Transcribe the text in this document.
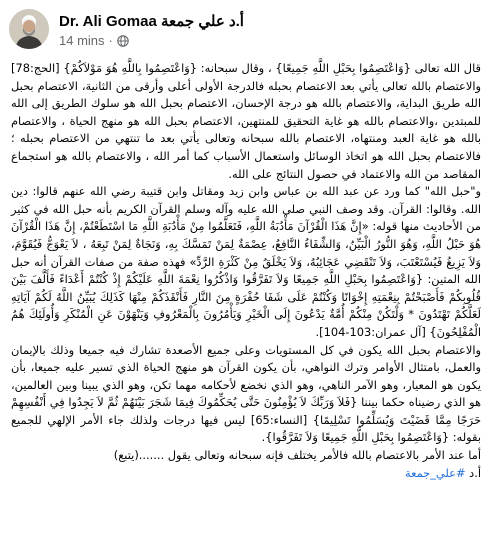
Dr. Ali Gomaa أ.د علي جمعة
14 mins ·

قال الله تعالى {وَاعْتَصِمُوا بِحَبْلِ اللَّهِ جَمِيعًا} ، وقال سبحانه: {وَاعْتَصِمُوا بِاللَّهِ هُوَ مَوْلاَكُمْ} [الحج:78] والاعتصام بالله تعالى يأتي بعد الاعتصام بحبله فالدرجة الأولى أعلى وأرقى من الثانية، الاعتصام بحبل الله طريق البداية، والاعتصام بالله هو درجة الإحسان، الاعتصام بحبل الله هو سلوك الطريق إلى الله للمبتدين ،والاعتصام بالله هو غاية التحقيق للمنتهين، الاعتصام بحبل الله هو منهج الحياة ، والاعتصام بالله هو غاية العبد ومنتهاه، الاعتصام بالله سبحانه وتعالى يأتي بعد ما تنتهي من الاعتصام بحبله ؛ فالاعتصام بحبل الله هو اتخاذ الوسائل واستعمال الأسباب كما أمر الله ، والاعتصام بالله هو استجماع المقاصد من الله والاعتماد في حصول النتائج على الله.

و"حبل الله" كما ورد عن عبد الله بن عباس وابن زيد ومقاتل وابن قتيبة رضي الله عنهم قالوا: دين الله. وقالوا: القرآن. وقد وصف النبي صلى الله عليه وآله وسلم القرآن الكريم بأنه حبل الله في كثير من الأحاديث منها قوله: «إِنَّ هَذَا الْقُرْآنَ مَأْدُبَةُ اللَّهِ، فَتَعَلَّمُوا مِنْ مَأْدُبَةِ اللَّهِ مَا اسْتَطَعْتُمْ، إِنَّ هَذَا الْقُرْآنَ هُوَ حَبْلُ اللَّهِ، وَهُوَ النُّورُ الْبَيِّنُ، وَالشِّفَاءُ النَّافِعُ، عِصْمَةٌ لِمَنْ تَمَسَّكَ بِهِ، وَنَجَاةٌ لِمَنْ تَبِعَهُ ، لاَ يَعْوَجُّ فَيُقَوَّمَ، وَلاَ يَزِيغُ فَيُسْتَعْتَبَ، وَلاَ تَنْقَضِي عَجَائِبُهُ، وَلاَ يَخْلَقُ مِنْ كَثْرَةِ الرَّدِّ» فهذه صفة من صفات القرآن أنه حبل الله المتين: {وَاعْتَصِمُوا بِحَبْلِ اللَّهِ جَمِيعًا وَلاَ تَفَرَّقُوا وَاذْكُرُوا نِعْمَةَ اللَّهِ عَلَيْكُمْ إِذْ كُنْتُمْ أَعْدَاءً فَأَلَّفَ بَيْنَ قُلُوبِكُمْ فَأَصْبَحْتُمْ بِنِعْمَتِهِ إِخْوَانًا وَكُنْتُمْ عَلَى شَفَا حُفْرَةٍ مِنَ النَّارِ فَأَنْقَذَكُمْ مِنْهَا كَذَلِكَ يُبَيِّنُ اللَّهُ لَكُمْ آيَاتِهِ لَعَلَّكُمْ تَهْتَدُونَ * وَلْتَكُنْ مِنْكُمْ أُمَّةٌ يَدْعُونَ إِلَى الْخَيْرِ وَيَأْمُرُونَ بِالْمَعْرُوفِ وَيَنْهَوْنَ عَنِ الْمُنْكَرِ وَأُولَئِكَ هُمُ الْمُفْلِحُونَ} [آل عمران:103-104].

والاعتصام بحبل الله يكون في كل المستويات وعلى جميع الأصعدة تشارك فيه جميعا وذلك بالإيمان والعمل، بامتثال الأوامر وترك النواهي، بأن يكون القرآن هو منهج الحياة الذي تسير عليه جميعا، بأن يكون هو المعيار، وهو الآمر الناهي، وهو الذي نخضع لأحكامه مهما تكن، وهو الذي يبينا وبين العالمين، هو الذي رضيناه حكما بيننا {فَلاَ وَرَبِّكَ لاَ يُؤْمِنُونَ حَتَّى يُحَكِّمُوكَ فِيمَا شَجَرَ بَيْنَهُمْ ثُمَّ لاَ يَجِدُوا فِي أَنْفُسِهِمْ حَرَجًا مِمَّا قَضَيْتَ وَيُسَلِّمُوا تَسْلِيمًا} [النساء:65] ليس فيها درجات ولذلك جاء الأمر الإلهي للجميع بقوله: {وَاعْتَصِمُوا بِحَبْلِ اللَّهِ جَمِيعًا وَلاَ تَفَرَّقُوا}.

أما عند الأمر بالاعتصام بالله فالأمر يختلف فإنه سبحانه وتعالى يقول .......(يتبع)

أ.د #علي_جمعة
